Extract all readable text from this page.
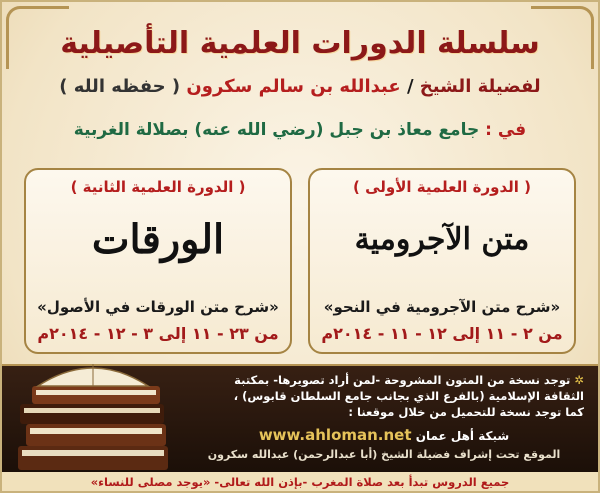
سلسلة الدورات العلمية التأصيلية
لفضيلة الشيخ / عبدالله بن سالم سكرون ( حفظه الله )
في : جامع معاذ بن جبل (رضي الله عنه) بصلالة الغربية
( الدورة العلمية الأولى )
متن الآجرومية
«شرح متن الآجرومية في النحو»
من ٢ - ١١ إلى ١٢ - ١١ - ٢٠١٤م
( الدورة العلمية الثانية )
الورقات
«شرح متن الورقات في الأصول»
من ٢٣ - ١١ إلى ٣ - ١٢ - ٢٠١٤م
✲توجد نسخة من المتون المشروحة -لمن أراد تصويرها- بمكتبة
الثقافة الإسلامية (بالفرع الذي بجانب جامع السلطان قابوس) ،
كما توجد نسخة للتحميل من خلال موقعنا :
شبكة أهل عمان www.ahloman.net
الموقع تحت إشراف فضيلة الشيخ (أبا عبدالرحمن) عبدالله سكرون
جميع الدروس تبدأ بعد صلاة المغرب -بإذن الله تعالى- «يوجد مصلى للنساء»
